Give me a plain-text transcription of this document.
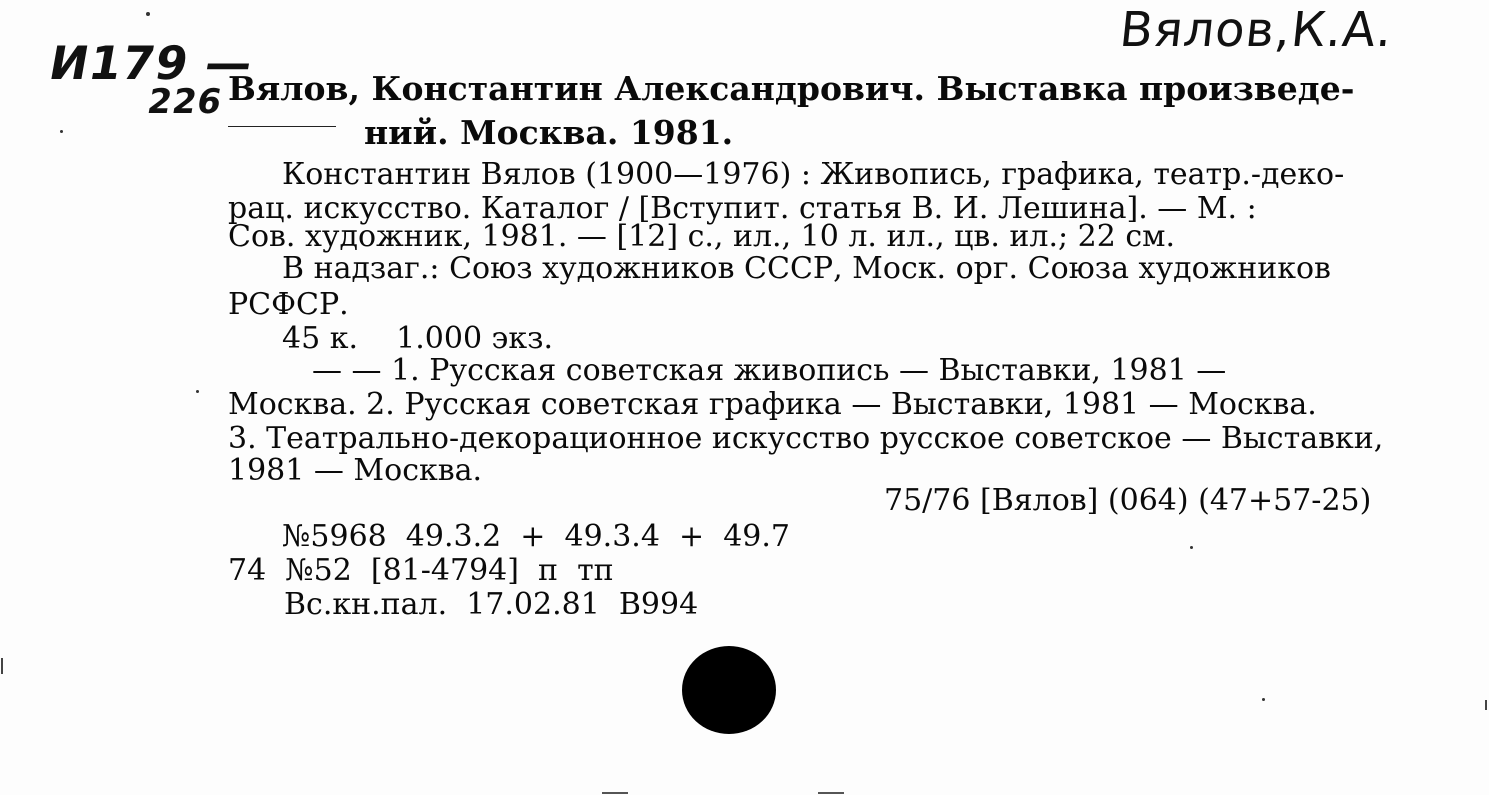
Вялов,К.А.
И179 —
226 Вялов, Константин Александрович. Выставка произведе-
ний. Москва. 1981.
Константин Вялов (1900—1976) : Живопись, графика, театр.-деко-
рац. искусство. Каталог / [Вступит. статья В. И. Лешина]. — М. :
Сов. художник, 1981. — [12] с., ил., 10 л. ил., цв. ил.; 22 см.
В надзаг.: Союз художников СССР, Моск. орг. Союза художников
РСФСР.
45 к.    1.000 экз.
— — 1. Русская советская живопись — Выставки, 1981 —
Москва. 2. Русская советская графика — Выставки, 1981 — Москва.
3. Театрально-декорационное искусство русское советское — Выставки,
1981 — Москва.
75/76 [Вялов] (064) (47+57-25)
№5968  49.3.2  +  49.3.4  +  49.7
74  №52  [81-4794]  п  тп
Вс.кн.пал.  17.02.81  B994
